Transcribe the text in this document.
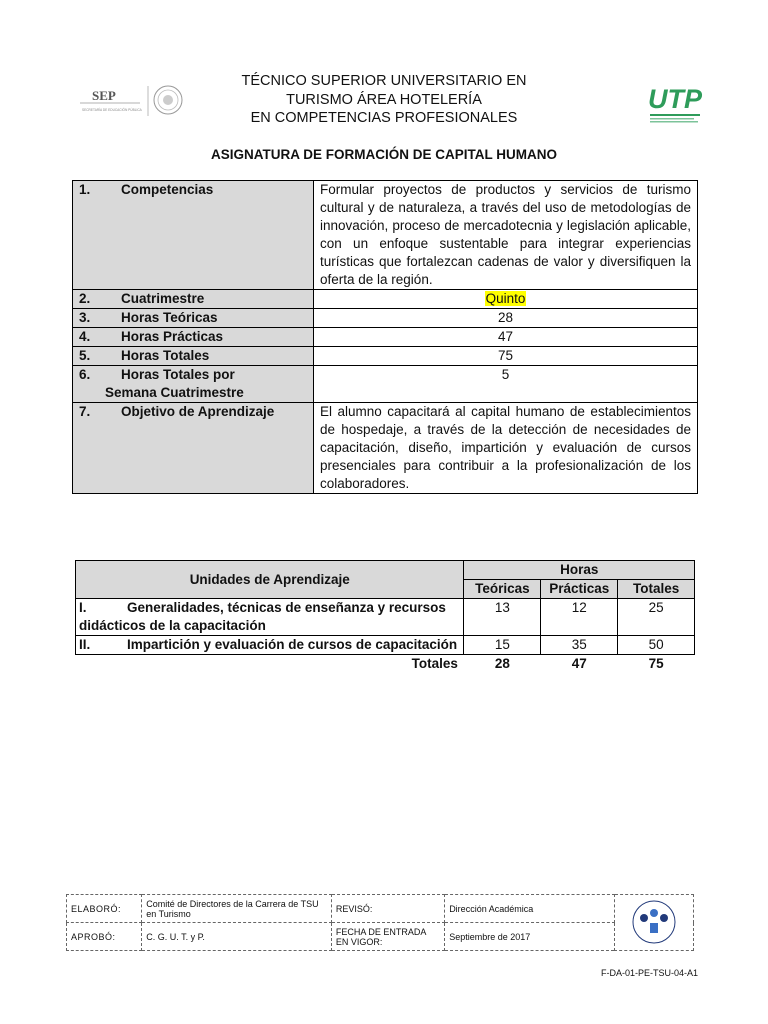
SEP
SECRETARÍA DE EDUCACIÓN PÚBLICA	UTP
TÉCNICO SUPERIOR UNIVERSITARIO EN
TURISMO ÁREA HOTELERÍA
EN COMPETENCIAS PROFESIONALES
ASIGNATURA DE FORMACIÓN DE CAPITAL HUMANO
1. Competencias	Formular proyectos de productos y servicios de turismo cultural y de naturaleza, a través del uso de metodologías de innovación, proceso de mercadotecnia y legislación aplicable, con un enfoque sustentable para integrar experiencias turísticas que fortalezcan cadenas de valor y diversifiquen la oferta de la región.
2. Cuatrimestre	Quinto
3. Horas Teóricas	28
4. Horas Prácticas	47
5. Horas Totales	75
6. Horas Totales por
Semana Cuatrimestre	5
7. Objetivo de Aprendizaje	El alumno capacitará al capital humano de establecimientos de hospedaje, a través de la detección de necesidades de capacitación, diseño, impartición y evaluación de cursos presenciales para contribuir a la profesionalización de los colaboradores.
Unidades de Aprendizaje	Horas		
	Teóricas	Prácticas	Totales
I. Generalidades, técnicas de enseñanza y recursos didácticos de la capacitación	13	12	25
II. Impartición y evaluación de cursos de capacitación	15	35	50
Totales	28	47	75
ELABORÓ:	Comité de Directores de la Carrera de TSU en Turismo	REVISÓ:	Dirección Académica	
APROBÓ:	C. G. U. T. y P.	FECHA DE ENTRADA EN VIGOR:	Septiembre de 2017	
F-DA-01-PE-TSU-04-A1
